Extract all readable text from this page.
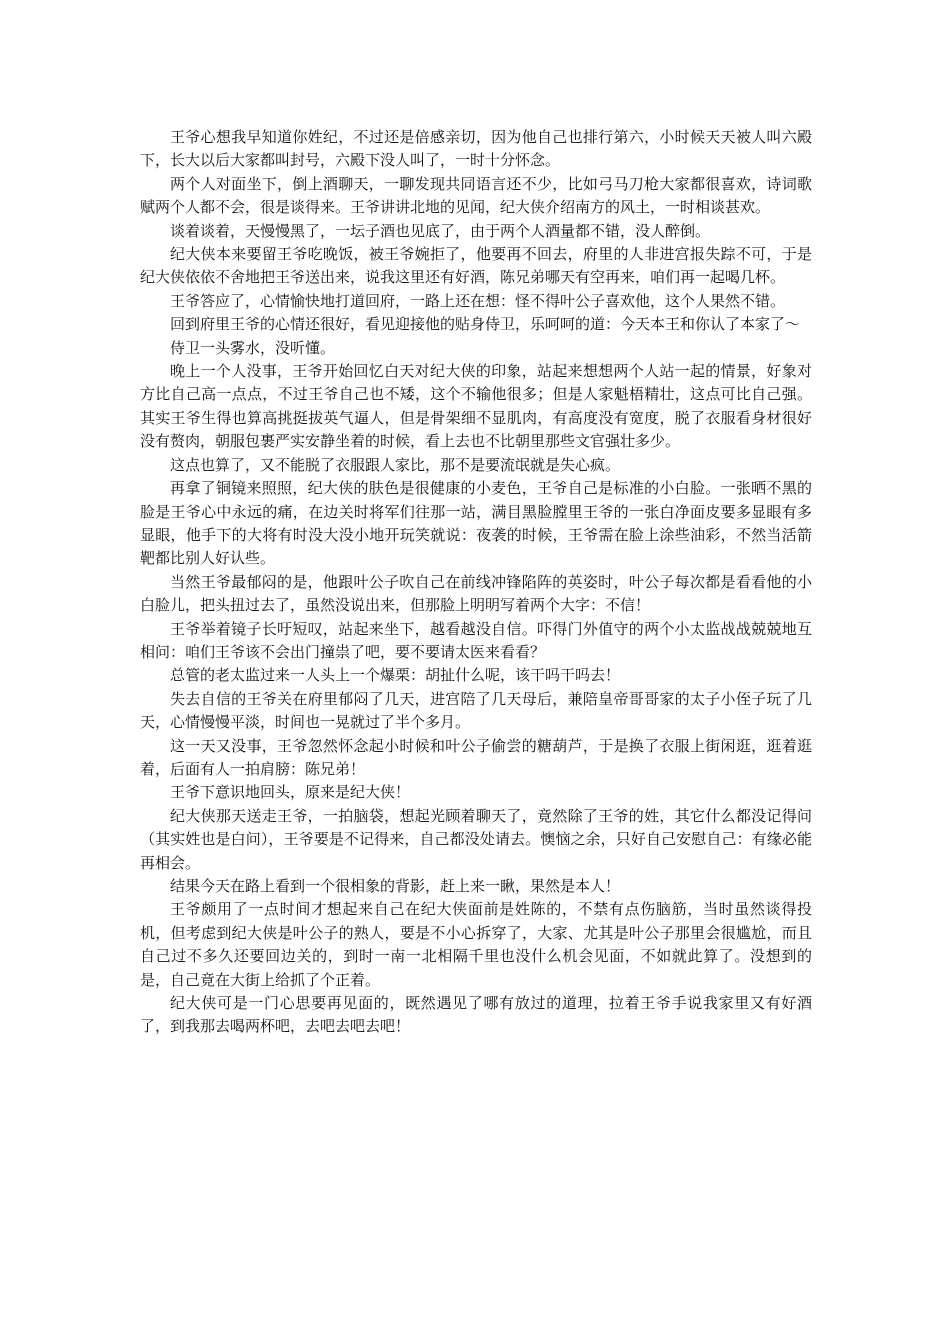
王爷心想我早知道你姓纪，不过还是倍感亲切，因为他自己也排行第六，小时候天天被人叫六殿下，长大以后大家都叫封号，六殿下没人叫了，一时十分怀念。

两个人对面坐下，倒上酒聊天，一聊发现共同语言还不少，比如弓马刀枪大家都很喜欢，诗词歌赋两个人都不会，很是谈得来。王爷讲讲北地的见闻，纪大侠介绍南方的风土，一时相谈甚欢。

谈着谈着，天慢慢黑了，一坛子酒也见底了，由于两个人酒量都不错，没人醉倒。

纪大侠本来要留王爷吃晚饭，被王爷婉拒了，他要再不回去，府里的人非进宫报失踪不可，于是纪大侠依依不舍地把王爷送出来，说我这里还有好酒，陈兄弟哪天有空再来，咱们再一起喝几杯。

王爷答应了，心情愉快地打道回府，一路上还在想：怪不得叶公子喜欢他，这个人果然不错。

回到府里王爷的心情还很好，看见迎接他的贴身侍卫，乐呵呵的道：今天本王和你认了本家了～

侍卫一头雾水，没听懂。

晚上一个人没事，王爷开始回忆白天对纪大侠的印象，站起来想想两个人站一起的情景，好象对方比自己高一点点，不过王爷自己也不矮，这个不输他很多；但是人家魁梧精壮，这点可比自己强。其实王爷生得也算高挑挺拔英气逼人，但是骨架细不显肌肉，有高度没有宽度，脱了衣服看身材很好没有赘肉，朝服包裹严实安静坐着的时候，看上去也不比朝里那些文官强壮多少。

这点也算了，又不能脱了衣服跟人家比，那不是要流氓就是失心疯。

再拿了铜镜来照照，纪大侠的肤色是很健康的小麦色，王爷自己是标准的小白脸。一张晒不黑的脸是王爷心中永远的痛，在边关时将军们往那一站，满目黑脸膛里王爷的一张白净面皮要多显眼有多显眼，他手下的大将有时没大没小地开玩笑就说：夜袭的时候，王爷需在脸上涂些油彩，不然当活箭靶都比别人好认些。

当然王爷最郁闷的是，他跟叶公子吹自己在前线冲锋陷阵的英姿时，叶公子每次都是看看他的小白脸儿，把头扭过去了，虽然没说出来，但那脸上明明写着两个大字：不信！

王爷举着镜子长吁短叹，站起来坐下，越看越没自信。吓得门外值守的两个小太监战战兢兢地互相问：咱们王爷该不会出门撞祟了吧，要不要请太医来看看？

总管的老太监过来一人头上一个爆栗：胡扯什么呢，该干吗干吗去！

失去自信的王爷关在府里郁闷了几天，进宫陪了几天母后，兼陪皇帝哥哥家的太子小侄子玩了几天，心情慢慢平淡，时间也一晃就过了半个多月。

这一天又没事，王爷忽然怀念起小时候和叶公子偷尝的糖葫芦，于是换了衣服上街闲逛，逛着逛着，后面有人一拍肩膀：陈兄弟！

王爷下意识地回头，原来是纪大侠！

纪大侠那天送走王爷，一拍脑袋，想起光顾着聊天了，竟然除了王爷的姓，其它什么都没记得问（其实姓也是白问），王爷要是不记得来，自己都没处请去。懊恼之余，只好自己安慰自己：有缘必能再相会。

结果今天在路上看到一个很相象的背影，赶上来一瞅，果然是本人！

王爷颇用了一点时间才想起来自己在纪大侠面前是姓陈的，不禁有点伤脑筋，当时虽然谈得投机，但考虑到纪大侠是叶公子的熟人，要是不小心拆穿了，大家、尤其是叶公子那里会很尴尬，而且自己过不多久还要回边关的，到时一南一北相隔千里也没什么机会见面，不如就此算了。没想到的是，自己竟在大街上给抓了个正着。

纪大侠可是一门心思要再见面的，既然遇见了哪有放过的道理，拉着王爷手说我家里又有好酒了，到我那去喝两杯吧，去吧去吧去吧！
